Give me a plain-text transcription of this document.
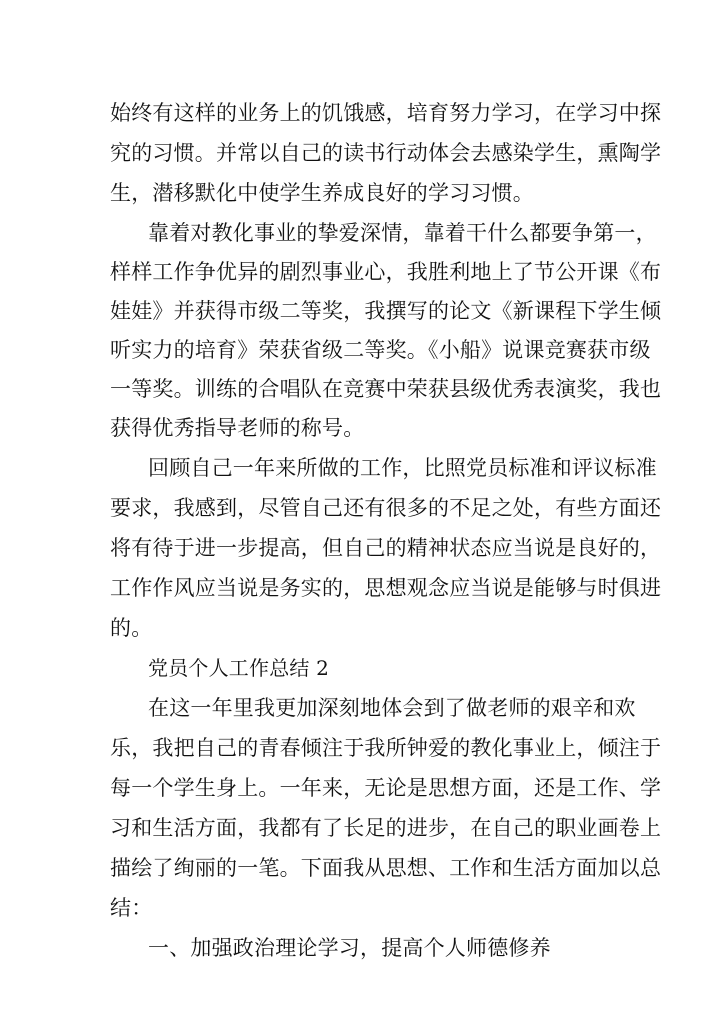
始终有这样的业务上的饥饿感，培育努力学习，在学习中探
究的习惯。并常以自己的读书行动体会去感染学生，熏陶学
生，潜移默化中使学生养成良好的学习习惯。
靠着对教化事业的挚爱深情，靠着干什么都要争第一，
样样工作争优异的剧烈事业心，我胜利地上了节公开课《布
娃娃》并获得市级二等奖，我撰写的论文《新课程下学生倾
听实力的培育》荣获省级二等奖。《小船》说课竞赛获市级
一等奖。训练的合唱队在竞赛中荣获县级优秀表演奖，我也
获得优秀指导老师的称号。
回顾自己一年来所做的工作，比照党员标准和评议标准
要求，我感到，尽管自己还有很多的不足之处，有些方面还
将有待于进一步提高，但自己的精神状态应当说是良好的，
工作作风应当说是务实的，思想观念应当说是能够与时俱进
的。
党员个人工作总结 2
在这一年里我更加深刻地体会到了做老师的艰辛和欢
乐，我把自己的青春倾注于我所钟爱的教化事业上，倾注于
每一个学生身上。一年来，无论是思想方面，还是工作、学
习和生活方面，我都有了长足的进步，在自己的职业画卷上
描绘了绚丽的一笔。下面我从思想、工作和生活方面加以总
结：
一、加强政治理论学习，提高个人师德修养
